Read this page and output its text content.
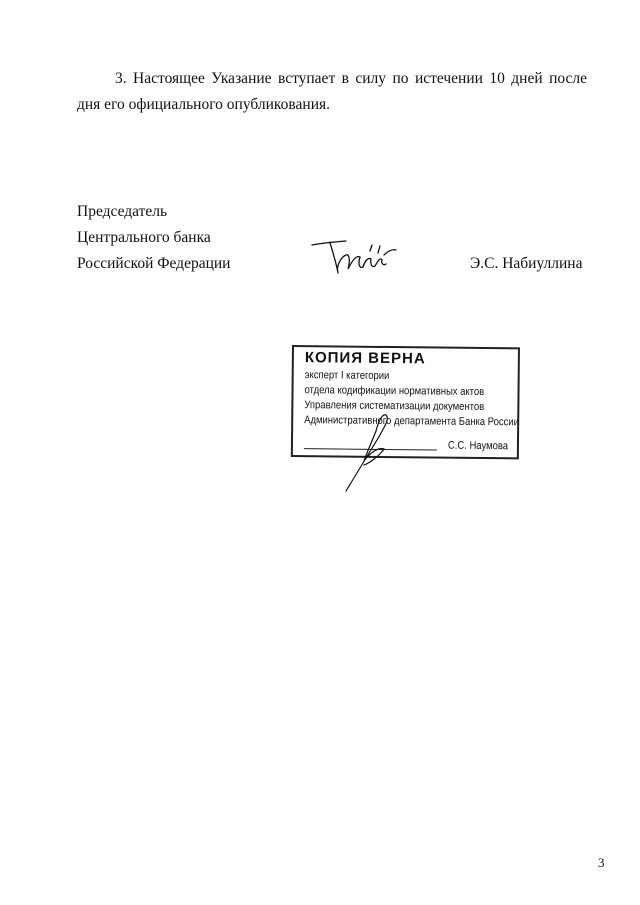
3. Настоящее Указание вступает в силу по истечении 10 дней после дня его официального опубликования.
Председатель
Центрального банка
Российской Федерации	Э.С. Набиуллина
КОПИЯ ВЕРНА
эксперт I категории
отдела кодификации нормативных актов
Управления систематизации документов
Административного департамента Банка России
С.С. Наумова
3
